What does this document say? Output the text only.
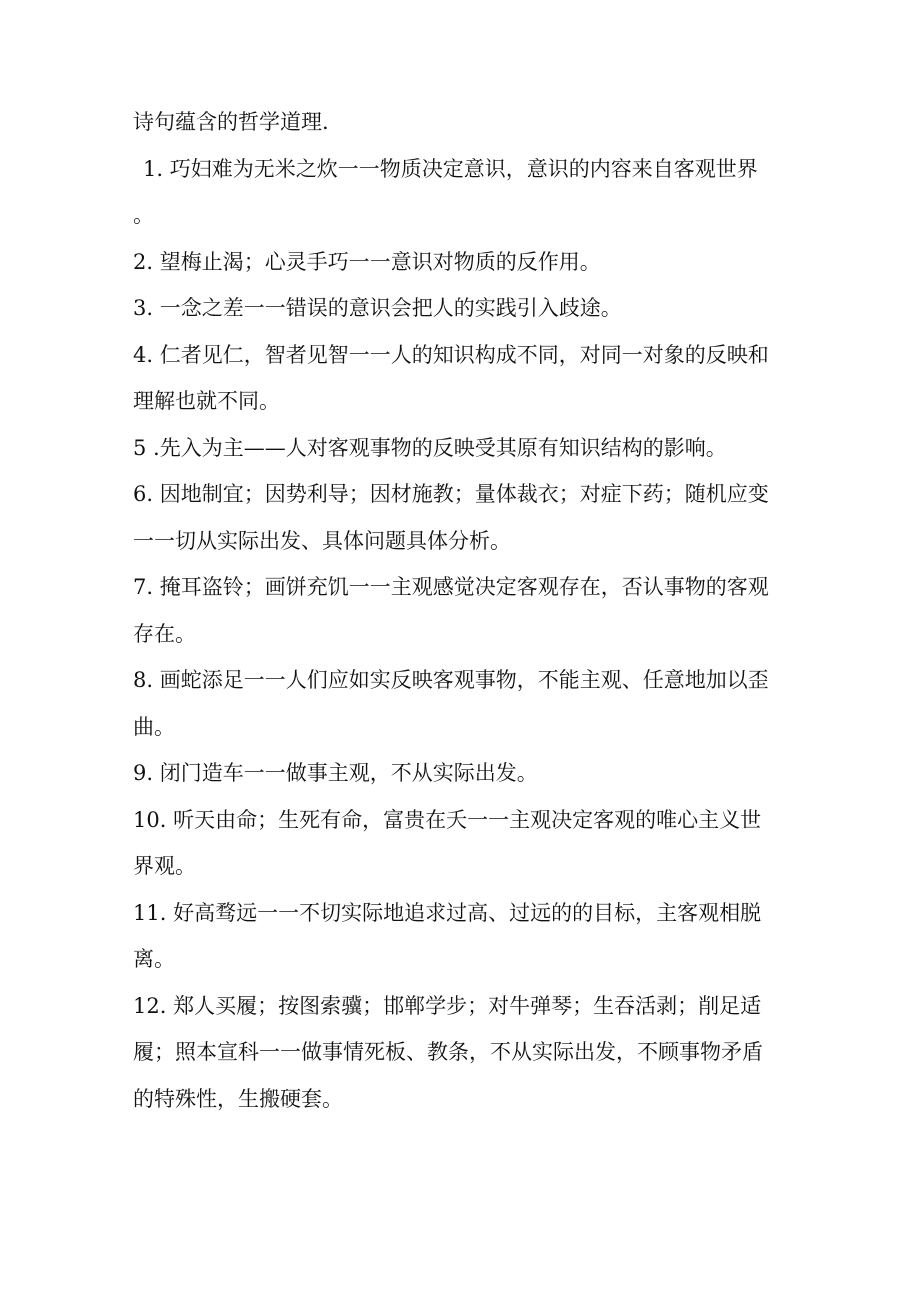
诗句蕴含的哲学道理.
1. 巧妇难为无米之炊一一物质决定意识，意识的内容来自客观世界
。
2. 望梅止渴；心灵手巧一一意识对物质的反作用。
3. 一念之差一一错误的意识会把人的实践引入歧途。
4. 仁者见仁，智者见智一一人的知识构成不同，对同一对象的反映和
理解也就不同。
5 .先入为主——人对客观事物的反映受其原有知识结构的影响。
6. 因地制宜；因势利导；因材施教；量体裁衣；对症下药；随机应变
一一切从实际出发、具体问题具体分析。
7. 掩耳盗铃；画饼充饥一一主观感觉决定客观存在，否认事物的客观
存在。
8. 画蛇添足一一人们应如实反映客观事物，不能主观、任意地加以歪
曲。
9. 闭门造车一一做事主观，不从实际出发。
10. 听天由命；生死有命，富贵在夭一一主观决定客观的唯心主义世
界观。
11. 好高骛远一一不切实际地追求过高、过远的的目标，主客观相脱
离。
12. 郑人买履；按图索骥；邯郸学步；对牛弹琴；生吞活剥；削足适
履；照本宣科一一做事情死板、教条，不从实际出发，不顾事物矛盾
的特殊性，生搬硬套。
